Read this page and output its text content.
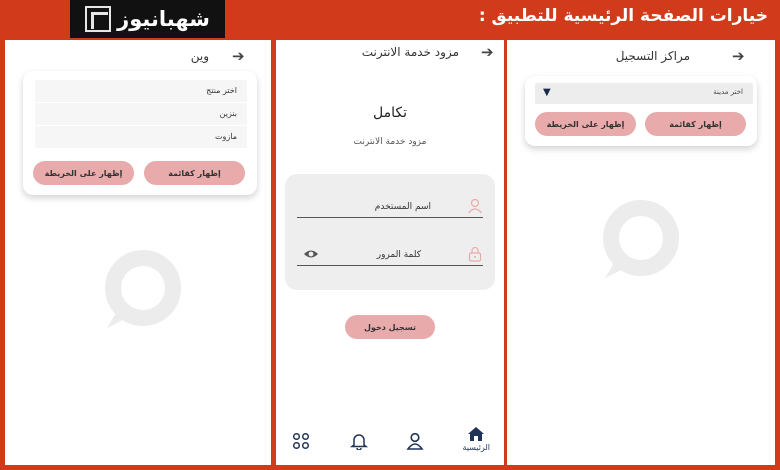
خيارات الصفحة الرئيسية للتطبيق :
شهبانيوز
➔
وين
اختر منتج
بنزين
مازوت
إظهار كقائمة
إظهار على الخريطة
➔
مزود خدمة الانترنت
تكامل
مزود خدمة الانترنت
اسم المستخدم
كلمة المرور
تسجيل دخول
الرئيسية
➔
مراكز التسجيل
اختر مدينة
▼
إظهار كقائمة
إظهار على الخريطة
